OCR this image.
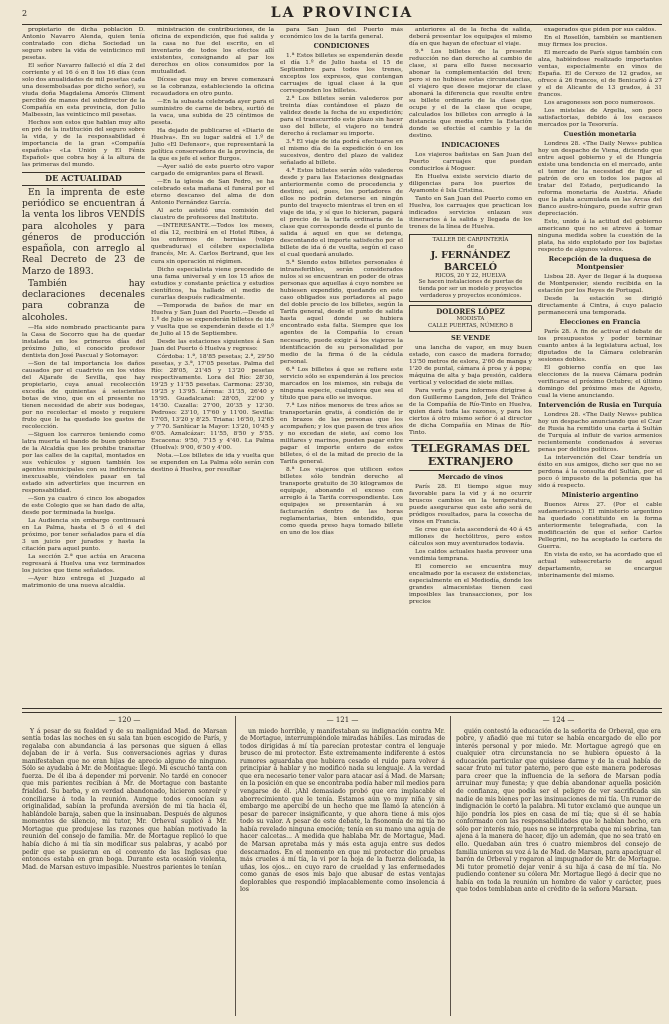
2	LA PROVINCIA

propietario de dicha población D. Antonio Navarro Alenda, quien tenía contratado con dicha Sociedad un seguro sobre la vida de veinticinco mil pesetas.

El señor Navarro falleció el día 2 del corriente y el 16 ó en 8 los 16 días (con solo dos anualidades de mil pesetas cada una desembolsadas por dicho señor), su viuda doña Magdalena Amorós Climent percibió de manos del subdirector de la Compañía en esta provincia, don Julio Malbessin, las veinticinco mil pesetas.

Hechos son estos que hablan muy alto en pró de la institución del seguro sobre la vida, y de la responsabilidad é importancia de la gran «Compañía española» «La Unión y El Fénix Español» que cobra hoy á la altura de las primeras del mundo.

DE ACTUALIDAD

En la imprenta de este periódico se encuentran á la venta los libros VENDÍS para alcoholes y para géneros de producción española, con arreglo al Real Decreto de 23 de Marzo de 1893.

También hay declaraciones decenales para cobranza de alcoholes.

—Ha sido nombrado practicante para la Casa de Socorro que ha de quedar instalada en los primeros días del próximo Julio, el conocido profesor dentista don José Pascual y Sotomayor.

—Son de tal importancia los daños causados por el cuadrivio en los vidos del Aljarafe de Sevilla, que hay propietario, cuya anual recolección excedía de quinientas á seiscientas botas de vino, que en el presente no tienen necesidad de abrir sus bodegas, por no recolectar el mosto y requiere fruto que le ha quedado los gastos de recolección.

—Siguen los carreros teniendo como latra muerta el bando de buen gobierno de la Alcaldía que les prohibe transitar por las calles de la capital, montados en sus vehículos y siguen también los agentes municipales con su indiferencia inexcusable, viéndoles pasar en tal estado sin advertirles que incurren en responsabilidad.

—Son ya cuatro ó cinco los abogados de este Colegio que se han dado de alta, desde por terminada la huelga.

La Audiencia sin embargo continuará en La Palma, hasta el 5 ó el 4 del próximo, por tener señalados para el día 3 un juicio por jurados y hasta la citación para aquel punto.

La sección 2.ª que actúa en Aracena regresará á Huelva una vez terminados los juicios que tiene señalados.

—Ayer hizo entrega el Juzgado al matrimonio de una nueva alcaldía.

ministración de contribuciones, de la oficina de expendición, que fué salida y la casa no fue del escrito, en el inventario de todos los efectos allí existentes, consignando al par los derechos en olios consumidos por la mutualidad.

Dícese que muy en breve comenzará se la cobranza, estableciendo la oficina recaudadora en otro punto.

—En la subasta celebrada ayer para el suministro de carne de bebra, surtió de la vaca, una subida de 25 céntimos de peseta.

Ha dejado de publicarse el «Diario de Huelva». En su lugar saldrá el 1.º de Julio «El Defensor», que representará la política conservadora de la provincia, de la que es jefe el señor Burgos.

—Ayer salió de este puerto otro vapor cargado de emigrantes para el Brasil.

—En la iglesia de San Pedro, se ha celebrado esta mañana el funeral por el eterno descanso del alma de don Antonio Fernández García.

Al acto asistió una comisión del claustro de profesores del Instituto.

—INTERESANTE.—Todos los meses, el día 12, recibirá en el Hotel Ribes, á los enfermos de hernias (vulgo quebraduras) el célebre especialista francés, Mr. A. Carlos Bertrand, que les cura sin operación ni régimen.

Dicho especialista viene precedido de una fama universal y en los 15 años de estudios y constante práctica y estudios científicos, ha hallado el medio de curarlas después radicalmente.

—Temporada de baños de mar en Huelva y San Juan del Puerto.—Desde el 1.º de Julio se expenderán billetes de ida y vuelta que se expenderán desde el 1.º de Julio al 15 de Septiembre.

Desde las estaciones siguientes á San Juan del Puerto ó Huelva y regreso:

Córdoba: 1.ª, 18'85 pesetas; 2.ª, 29'50 pesetas, y 3.ª, 17'05 pesetas. Palma del Río: 28'05, 21'45 y 13'20 pesetas respectivamente. Lora del Río: 28'30, 19'25 y 11'55 pesetas. Carmona: 25'30, 19'25 y 13'95. Lérena: 31'35, 26'40 y 15'95. Guadalcanal: 28'05, 22'00 y 14'30. Cazalla: 27'00, 20'35 y 12'30. Pedroso: 23'10, 17'60 y 11'00. Sevilla: 17'05, 13'20 y 8'25. Triana: 16'50, 12'65 y 7'70. Sanlúcar la Mayor: 13'20, 10'45 y 6'05. Aznalcázar: 11'55, 8'50 y 5'55. Escacena: 9'50, 7'15 y 4'40. La Palma (Huelva): 9'00, 6'50 y 4'00.

Nota.—Los billetes de ida y vuelta que se expenden en La Palma sólo serán con destino á Huelva, por resultar

para San Juan del Puerto más económico los de la tarifa general.

CONDICIONES

1.ª Estos billetes se expenderán desde el día 1.º de Julio hasta el 15 de Septiembre para todos los trenes, exceptos los expresos, que contengan carruajes de igual clase á la que corresponden los billetes.

2.ª Los billetes serán valederos por treinta días contándose el plazo de validez desde la fecha de su expedición; para el transcurrido este plazo sin hacer uso del billete, el viajero no tendrá derecho á reclamar su importe.

3.ª El viaje de ida podrá efectuarse en el mismo día de la expedición ó en los sucesivos, dentro del plazo de validez señalado al billete.

4.ª Estos billetes serán sólo valederos desde y para las Estaciones designadas anteriormente como de procedencia y destino; así, pues, los portadores de ellos no podrán detenerse en ningún punto del trayecto mientras el tren en el viaje de ida, y sí que lo hicieran, pagará el precio de la tarifa ordinaria de la clase que corresponde desde el punto de salida á aquel en que se detenga, descontando el importe satisfecho por el billete de ida ó de vuelta, según el caso el cual quedará anulado.

5.ª Siendo estos billetes personales é intransferibles, serán considerados nulos si se encuentran en poder de otras personas que aquellas á cuyo nombre se hubiesen expendido, quedando en este caso obligados sus portadores al pago del doble precio de los billetes, según la Tarifa general, desde el punto de salida hasta aquel donde se hubiera encontrado esta falta. Siempre que los agentes de la Compañía lo crean necesario, puede exigir á los viajeros la identificación de su personalidad por medio de la firma ó de la cédula personal.

6.ª Los billetes á que se refiere este servicio sólo se expenderán á los precios marcados en los mismos, sin rebaja de ninguna especie, cualquiera que sea el título que para ello se invoque.

7.ª Los niños menores de tres años se transportarán gratis, á condición de ir en brazos de las personas que los acompañen; y los que pasen de tres años y no excedan de siete, así como los militares y marinos, pueden pagar entre pagar el importe entero de estos billetes, ó el de la mitad de precio de la Tarifa general.

8.ª Los viajeros que utilicen estos billetes sólo tendrán derecho al transporte gratuito de 30 kilogramos de equipaje, abonando el exceso con arreglo á la Tarifa correspondiente. Los equipajes se presentarán á su facturación dentro de las horas reglamentarias, bien entendido, que como queda preso haya tomado billete en uno de los días

anteriores al de la fecha de salida, deberá presentar los equipajes el mismo día en que hayan de efectuar el viaje.

9.ª Los billetes de la presente reducción no dan derecho al cambio de clase, si para ello fuese necesario abonar la complementación del tren; pero si no hubiese estas circunstancias, el viajero que desee mejorar de clase abonará la diferencia que resulte entre su billete ordinario de la clase que ocupe y el de la clase que ocupe, calculados los billetes con arreglo á la distancia que media entre la Estación donde se efectúe el cambio y la de destino.

INDICACIONES

Los viajeros bañistas en San Juan del Puerto carruajes que puedan conducirlos á Moguer.

En Huelva existe servicio diario de diligencias para los puertos de Ayamonte é Isla Cristina.

Tanto en San Juan del Puerto como en Huelva, los carruajes que practican los indicados servicios enlazan sus itinerarios á la salida y llegada de los trenes de la línea de Huelva.

TALLER DE CARPINTERÍA
de
J. FERNÁNDEZ BARCELÓ
RICOS, 20 Y 22, HUELVA
Se hacen instalaciones de puertas de tienda por ser un modelo y proyectos verdaderos y proyectos económicos.
DOLORES LÓPEZ
MODISTA
CALLE PUERTAS, NÚMERO 8
SE VENDE

una lancha de vapor, en muy buen estado, con casco de madera forrado; 13'50 metros de eslora, 2'60 de manga y 1'20 de puntal, cámara á proa y á popa; máquina de alta y baja presión, caldera vertical y velocidad de siete millas.

Para verla y para informes dirigirse á don Guillermo Langdon, Jefe del Tráfico de la Compañía de Río-Tinto en Huelva, quien dará toda las razones, y para los ciertos á otro mismo señor ó al director de dicha Compañía en Minas de Río-Tinto.

TELEGRAMAS DEL
EXTRANJERO
Mercado de vinos

París 28. El tiempo sigue muy favorable para la vid y á no ocurrir bruscos cambios en la temperatura, puede asegurarse que este año será de pródigos resultados, para la cosecha de vinos en Francia.

Se cree que ésta ascenderá de 40 á 45 millones de hectólitros, pero estos cálculos son muy aventurados todavía.

Los caldos actuales hasta proveer una vendimia temprana.

El comercio se encuentra muy encalmado por la escasez de existencias, especialmente en el Mediodía, donde los grandes almacenistas tienen casi imposibles las transacciones, por los precios

exagerados que piden por sus caldos.

En el Rosellón, también se mantienen muy firmes los precios.

El mercado de París sigue también con alza, habiéndose realizado importantes ventas, especialmente en vinos de España. El de Cerezo de 12 grados, se ofrece á 26 francos, el de Benicarló á 27 y el de Alicante de 13 grados, á 31 francos.

Los aragoneses son poco numerosos.

Los mistelas de Argelia, son poco satisfactorias, debido á los escasos mercados por la Tesorería.

Cuestión monetaria

Londres 28. «The Daily News» publica hoy un despacho de Viena, diciendo que entre aquel gobierno y el de Hungría existe una tendencia en el mercado, ante el temor de la necesidad de fijar el patrón de oro en todos los pagos al tratar del Estado, perjudicando la reforma monetaria de Austria. Añade que la plata acumulada en las Arcas del Banco austro-húngaro, puede sufrir gran depreciación.

Esto, unido á la actitud del gobierno americano que no se atreve á tomar ninguna medida sobre la cuestión de la plata, ha sido explotado por los bajistas respecto de algunos valores.

Recepción de la duquesa de Montpensier

Lisboa 28. Ayer de llegar á la duquesa de Montpensier, siendo recibida en la estación por los Reyes de Portugal.

Desde la estación se dirigió directamente á Cintra, á cuyo palacio permanecerá una temporada.

Elecciones en Francia

París 28. A fin de activar el debate de los presupuestos y poder terminar cuanto antes á la legislatura actual, los diputados de la Cámara celebrarán sesiones dobles.

El gobierno confía en que las elecciones de la nueva Cámara podrán verificarse el próximo Octubre; el último domingo del próximo mes de Agosto, cual la viene anunciando.

Intervención de Rusia en Turquía

Londres 28. «The Daily News» publica hoy un despacho anunciando que el Czar de Rusia ha remitido una carta á Sultán de Turquía al influir de varios armenios recientemente condenados á severas penas por delitos políticos.

La intervención del Czar tendría un éxito en sus amigos, dicho ser que no se perdona á la consulta del Sultán, por el poco ó impuesto de la potencia que ha sido á respecto.

Ministerio argentino

Buenos Aires 27. (Por el cable sudamericano.) El ministerio argentino ha quedado constituido en la forma anteriormente telegrafiada, con la modificación de que el señor Carlos Pellegrini, no ha aceptado la cartera de Guerra.

En vista de esto, se ha acordado que el actual subsecretario de aquel departamento, se encargue interinamente del mismo.

— 120 —

Y á pesar de su fealdad y de su malignidad Mad. de Marsan sentía todas las noches en su sala tan buen escogido de París, y regalaba con abundancia á las personas que siguen á ellas dejaban de ir á verla. Sus conversaciones agrias y duras manifestaban que no eran hijas de aprecio alguno de ninguno. Sólo se ayudaba á Mr. de Montague: llegó. Mi escuchó tanta con fuerza. De él iba á depender mi porvenir. No tardé en conocer que mis parientes recibían á Mr. de Mortague con bastante frialdad. Su barba, y en verdad abandonado, hicieron sonreír y conciliarse á toda la reunión. Aunque todos conocían su originalidad, sabían la profunda aversión de mi tía hacia él, hablándole baraja, saben que la insinuaban. Después de algunos momentos de silencio, mi tutor, Mr. Orheval suplicó á Mr. Mortague que produjese las razones que habían motivado la reunión del consejo de familia. Mr. de Mortague replicó lo que había dicho á mi tía sin modificar sus palabras, y acabó por pedir que se pusieran en el convento de las Inglesas que entonces estaba en gran boga. Durante esta ocasión violenta, Mad. de Marsan estuvo impasible. Nuestros parientes le tenían

— 121 —

un miedo horrible, y manifestaban su indignación contra Mr. de Mortague, interrumpiéndole miradas hábiles. Las miradas de todos dirigidas á mí tía parecían protestar contra el lenguaje brusco de mi protector. Este extremamente indiferente á estos rumores aguardaba que hubiera cesado el ruido para volver á principiar á hablar y no modificó nada su lenguaje. A la verdad que era necesario tener valor para atacar así á Mad. de Marsan; en la posición en que se encontraba podía haber mil medios para vengarse de él. ¡Ahl demasiado probó que era implacable el aborrecimiento que le tenía. Estamos aún yo muy niña y sin embargo me apercibí de un hecho que me llamó la atención á pesar de parecer insignificante, y que ahora tiene á mis ojos todo su valor. A pesar de este debate, la fisonomía de mi tía no había revelado ninguna emoción; tenía en su mano una aguja de hacer calcetas... A medida que hablaba Mr. de Mortague, Mad. de Marsan apretaba más y más esta aguja entre sus dedos descarnados. En el momento en que mi protector dio pruebas más crueles á mí tía, la vi por la hoja de la fuerza delicada, la uñas, los ojos... en cuyo raro de crueldad y las enfermedades como ganas de esos mis bajo que abusar de estas ventajas deplorables que respondió implacablemente como insolencia á los

— 124 —

quién contestó la educación de la señorita de Orbeval, que era pobre, y añadió que mi tutor se había encargado de ello por interés personal y por miedo. Mr. Mortague agregó que en cualquier otra circunstancia no se hubiera opuesto á la educación particular que quisiese darme y de la cual había de sacar fruto mí tutor paterno, pero que este manera poderosas para creer que la influencia de la señora de Marsan podía arruinar muy funesta; y que debía abandonar aquella posición de confianza, que podía ser el peligro de ver sacrificada sin nadie de mis bienes por las insinuaciones de mi tía. Un rumor de indignación le cortó la palabra. Mi tutor exclamó que aunque un hijo pondría los pies en casa de mí tía; que si él se había conformado con las responsabilidades que le habían hecho, era sólo por interés mío, pues no se interpretaba que mi sobrina, tan ajena á la manera de hacer, dijo un ademán, que no sea trató en ello. Quedaban aún tres ó cuatro miembros del consejo de familia unieron su voz á la de Mad. de Marsan, para apaciguar el barón de Orbeval y rogaron al impugnador de Mr. de Mortague. Mi tutor prometió dejar venir á su hija á casa de mí tía. No pudiendo contener su cólera Mr. Mortague llegó á decir que no había en toda la reunión un hombre de valor y carácter, pues que todos temblaban ante el crédito de la señora Marsan.
